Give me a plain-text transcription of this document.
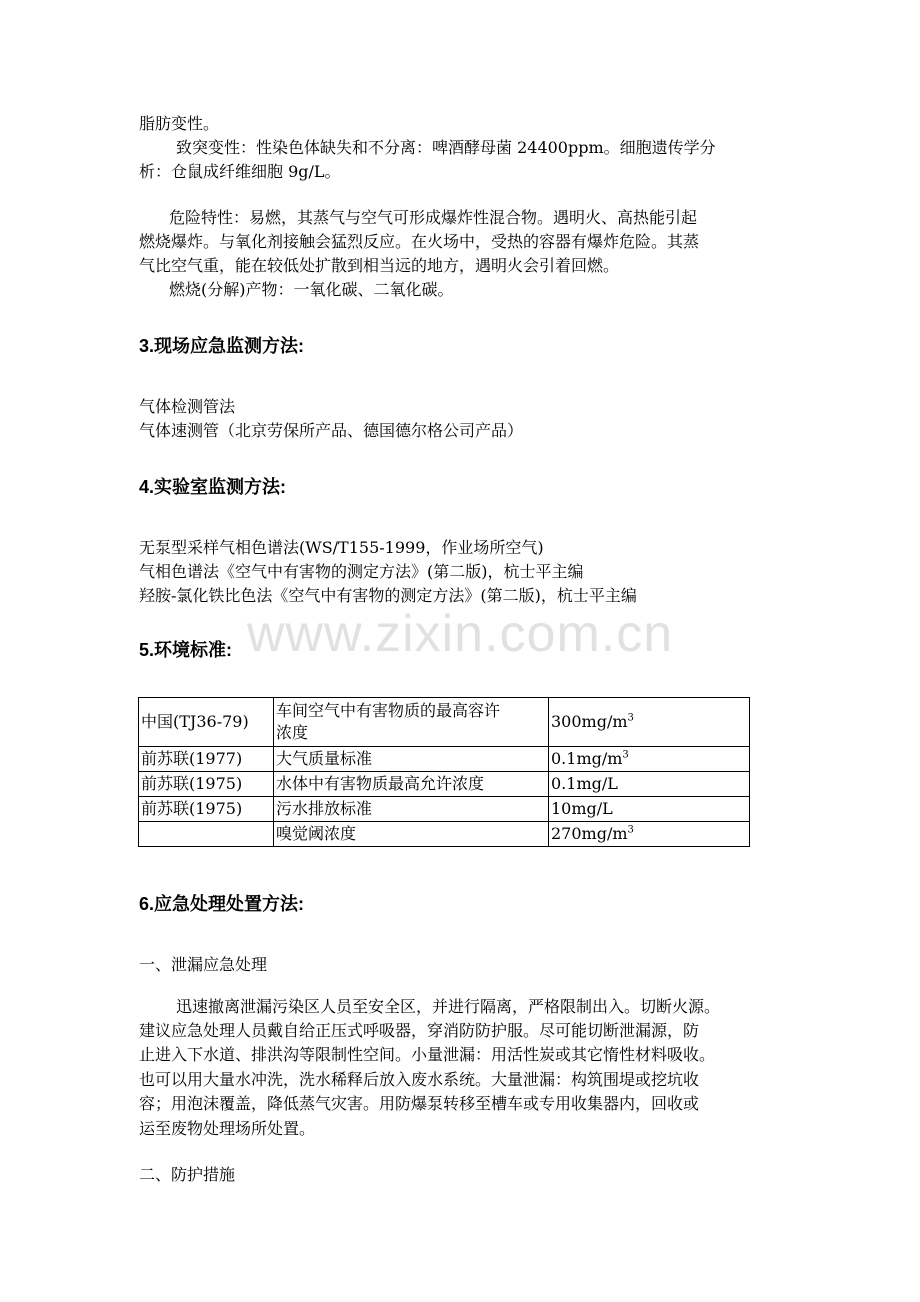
脂肪变性。
致突变性：性染色体缺失和不分离：啤酒酵母菌 24400ppm。细胞遗传学分
析：仓鼠成纤维细胞 9g/L。
危险特性：易燃，其蒸气与空气可形成爆炸性混合物。遇明火、高热能引起
燃烧爆炸。与氧化剂接触会猛烈反应。在火场中，受热的容器有爆炸危险。其蒸
气比空气重，能在较低处扩散到相当远的地方，遇明火会引着回燃。
燃烧(分解)产物：一氧化碳、二氧化碳。
3.现场应急监测方法:
气体检测管法
气体速测管（北京劳保所产品、德国德尔格公司产品）
4.实验室监测方法:
无泵型采样气相色谱法(WS/T155-1999，作业场所空气)
气相色谱法《空气中有害物的测定方法》(第二版)，杭士平主编
羟胺-氯化铁比色法《空气中有害物的测定方法》(第二版)，杭士平主编
www.zixin.com.cn
5.环境标准:
中国(TJ36-79)	车间空气中有害物质的最高容许
浓度	$300mg/m^3$
前苏联(1977)	大气质量标准	$0.1mg/m^3$
前苏联(1975)	水体中有害物质最高允许浓度	0.1mg/L
前苏联(1975)	污水排放标准	10mg/L
	嗅觉阈浓度	$270mg/m^3$
6.应急处理处置方法:
一、泄漏应急处理
迅速撤离泄漏污染区人员至安全区，并进行隔离，严格限制出入。切断火源。
建议应急处理人员戴自给正压式呼吸器，穿消防防护服。尽可能切断泄漏源，防
止进入下水道、排洪沟等限制性空间。小量泄漏：用活性炭或其它惰性材料吸收。
也可以用大量水冲洗，洗水稀释后放入废水系统。大量泄漏：构筑围堤或挖坑收
容；用泡沫覆盖，降低蒸气灾害。用防爆泵转移至槽车或专用收集器内，回收或
运至废物处理场所处置。
二、防护措施
